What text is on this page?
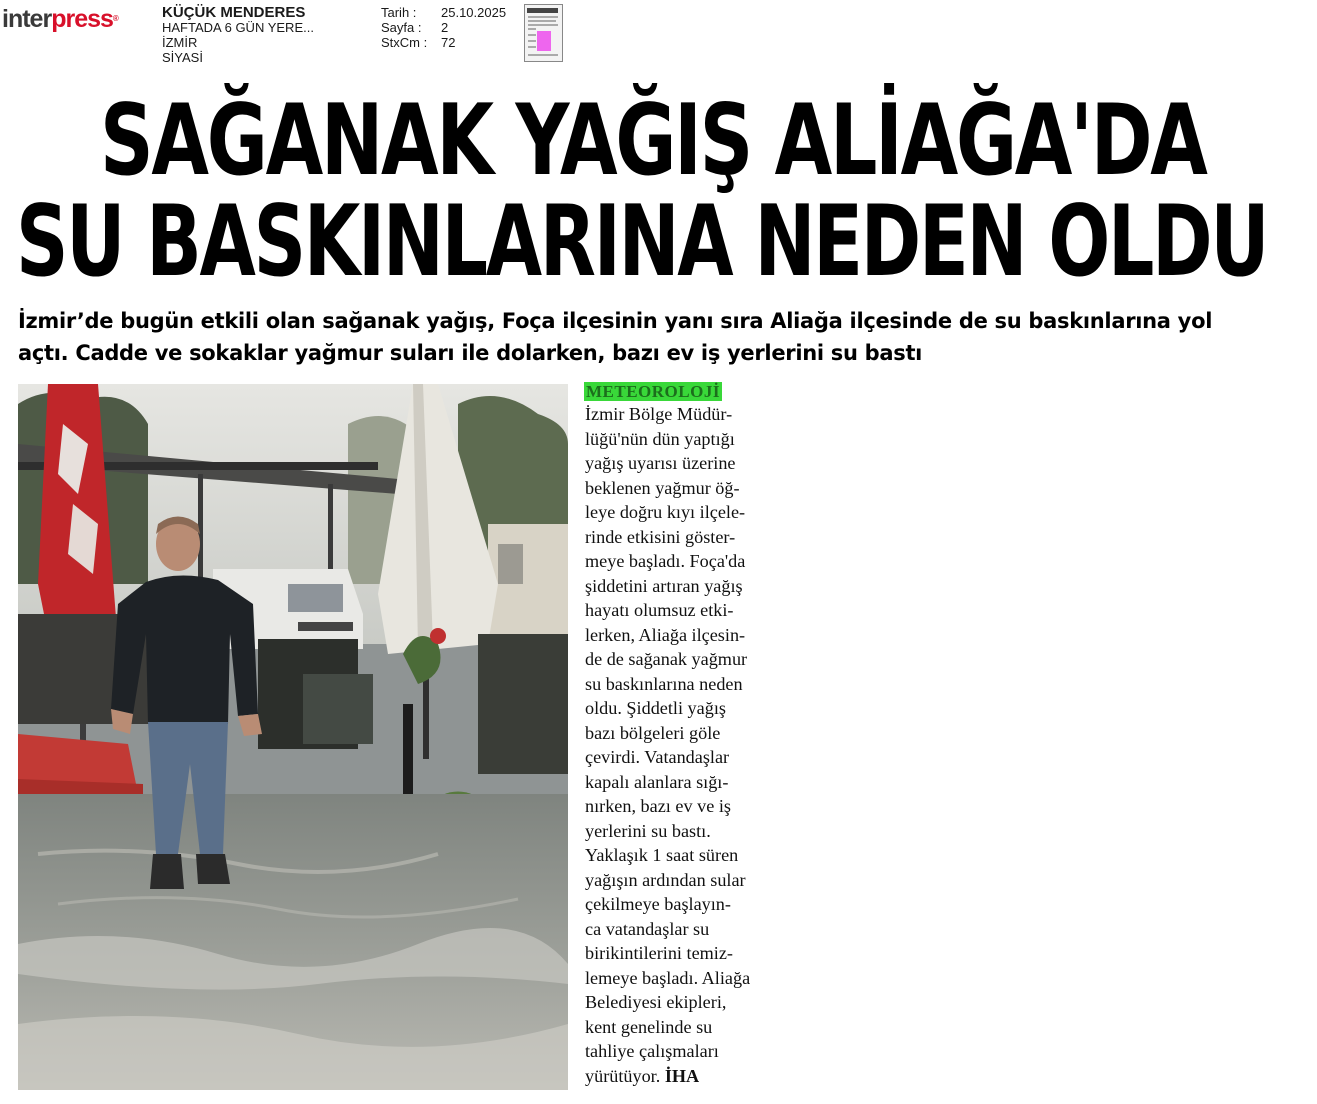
interpress®	KÜÇÜK MENDERES
HAFTADA 6 GÜN YERE...
İZMİR
SİYASİ
Tarih :	25.10.2025
Sayfa :	2
StxCm :	72
SAĞANAK YAĞIŞ ALİAĞA'DA
SU BASKINLARINA NEDEN OLDU
İzmir’de bugün etkili olan sağanak yağış, Foça ilçesinin yanı sıra Aliağa ilçesinde de su baskınlarına yol açtı. Cadde ve sokaklar yağmur suları ile dolarken, bazı ev iş yerlerini su bastı
METEOROLOJİ
İzmir Bölge Müdür-
lüğü'nün dün yaptığı
yağış uyarısı üzerine
beklenen yağmur öğ-
leye doğru kıyı ilçele-
rinde etkisini göster-
meye başladı. Foça'da
şiddetini artıran yağış
hayatı olumsuz etki-
lerken, Aliağa ilçesin-
de de sağanak yağmur
su baskınlarına neden
oldu. Şiddetli yağış
bazı bölgeleri göle
çevirdi. Vatandaşlar
kapalı alanlara sığı-
nırken, bazı ev ve iş
yerlerini su bastı.
Yaklaşık 1 saat süren
yağışın ardından sular
çekilmeye başlayın-
ca vatandaşlar su
birikintilerini temiz-
lemeye başladı. Aliağa
Belediyesi ekipleri,
kent genelinde su
tahliye çalışmaları
yürütüyor. İHA
